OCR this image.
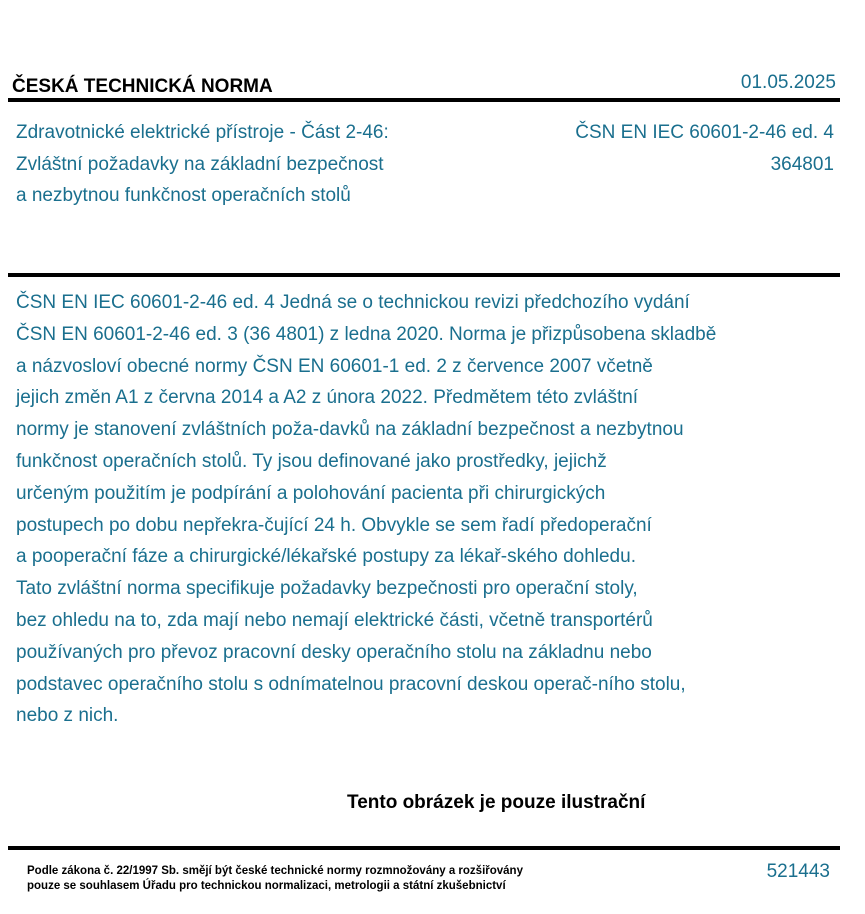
ČESKÁ TECHNICKÁ NORMA	01.05.2025
Zdravotnické elektrické přístroje - Část 2-46:
Zvláštní požadavky na základní bezpečnost
a nezbytnou funkčnost operačních stolů
ČSN EN IEC 60601-2-46 ed. 4
364801
ČSN EN IEC 60601-2-46 ed. 4 Jedná se o technickou revizi předchozího vydání
ČSN EN 60601-2-46 ed. 3 (36 4801) z ledna 2020. Norma je přizpůsobena skladbě
a názvosloví obecné normy ČSN EN 60601-1 ed. 2 z července 2007 včetně
jejich změn A1 z června 2014 a A2 z února 2022. Předmětem této zvláštní
normy je stanovení zvláštních poža-davků na základní bezpečnost a nezbytnou
funkčnost operačních stolů. Ty jsou definované jako prostředky, jejichž
určeným použitím je podpírání a polohování pacienta při chirurgických
postupech po dobu nepřekra-čující 24 h. Obvykle se sem řadí předoperační
a pooperační fáze a chirurgické/lékařské postupy za lékař-ského dohledu.
Tato zvláštní norma specifikuje požadavky bezpečnosti pro operační stoly,
bez ohledu na to, zda mají nebo nemají elektrické části, včetně transportérů
používaných pro převoz pracovní desky operačního stolu na základnu nebo
podstavec operačního stolu s odnímatelnou pracovní deskou operač-ního stolu,
nebo z nich.
Tento obrázek je pouze ilustrační
Podle zákona č. 22/1997 Sb. smějí být české technické normy rozmnožovány a rozšiřovány
pouze se souhlasem Úřadu pro technickou normalizaci, metrologii a státní zkušebnictví
521443
